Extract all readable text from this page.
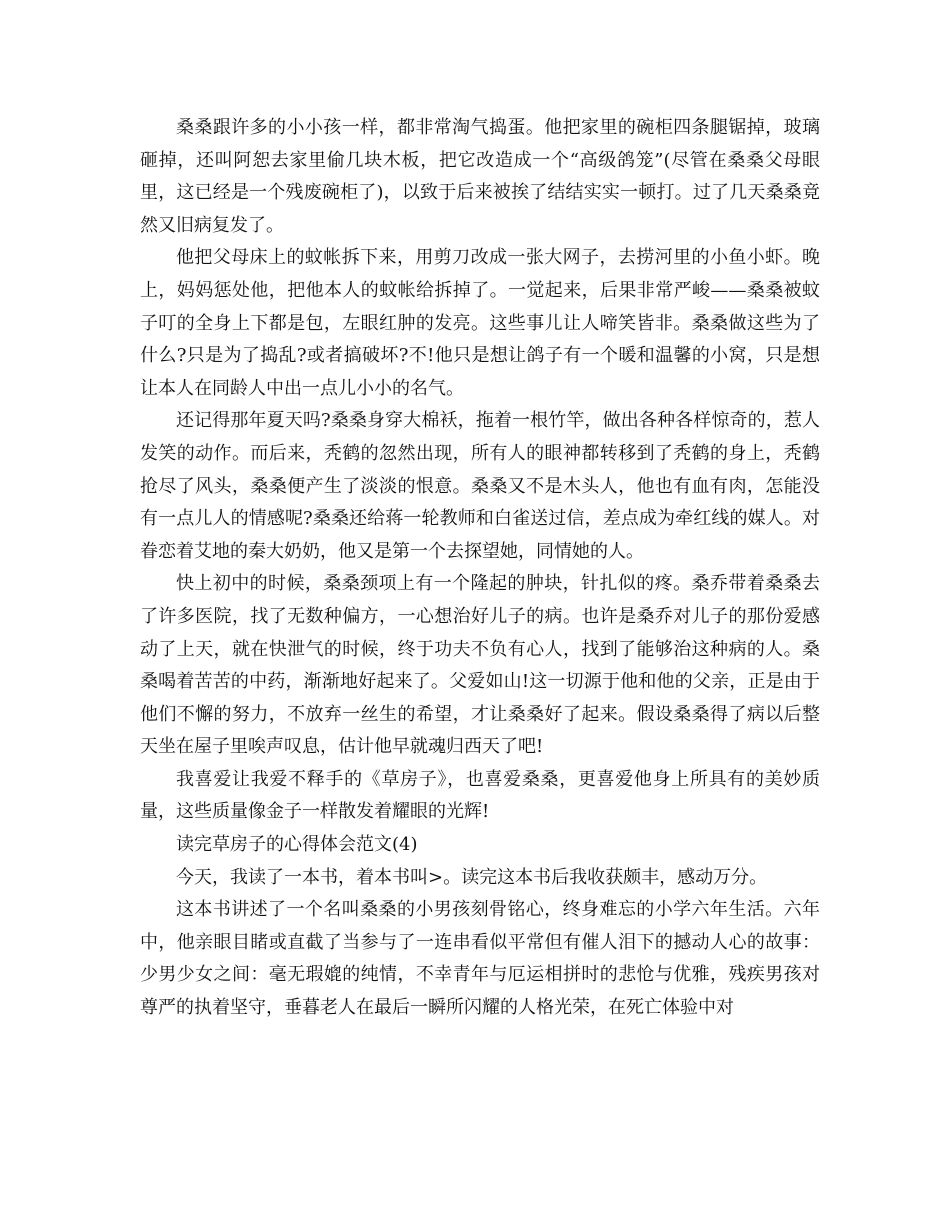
桑桑跟许多的小小孩一样，都非常淘气捣蛋。他把家里的碗柜四条腿锯掉，玻璃砸掉，还叫阿恕去家里偷几块木板，把它改造成一个“高级鸽笼”(尽管在桑桑父母眼里，这已经是一个残废碗柜了)，以致于后来被挨了结结实实一顿打。过了几天桑桑竟然又旧病复发了。

他把父母床上的蚊帐拆下来，用剪刀改成一张大网子，去捞河里的小鱼小虾。晚上，妈妈惩处他，把他本人的蚊帐给拆掉了。一觉起来，后果非常严峻——桑桑被蚊子叮的全身上下都是包，左眼红肿的发亮。这些事儿让人啼笑皆非。桑桑做这些为了什么?只是为了捣乱?或者搞破坏?不!他只是想让鸽子有一个暖和温馨的小窝，只是想让本人在同龄人中出一点儿小小的名气。

还记得那年夏天吗?桑桑身穿大棉袄，拖着一根竹竿，做出各种各样惊奇的，惹人发笑的动作。而后来，秃鹤的忽然出现，所有人的眼神都转移到了秃鹤的身上，秃鹤抢尽了风头，桑桑便产生了淡淡的恨意。桑桑又不是木头人，他也有血有肉，怎能没有一点儿人的情感呢?桑桑还给蒋一轮教师和白雀送过信，差点成为牵红线的媒人。对眷恋着艾地的秦大奶奶，他又是第一个去探望她，同情她的人。

快上初中的时候，桑桑颈项上有一个隆起的肿块，针扎似的疼。桑乔带着桑桑去了许多医院，找了无数种偏方，一心想治好儿子的病。也许是桑乔对儿子的那份爱感动了上天，就在快泄气的时候，终于功夫不负有心人，找到了能够治这种病的人。桑桑喝着苦苦的中药，渐渐地好起来了。父爱如山!这一切源于他和他的父亲，正是由于他们不懈的努力，不放弃一丝生的希望，才让桑桑好了起来。假设桑桑得了病以后整天坐在屋子里唉声叹息，估计他早就魂归西天了吧!

我喜爱让我爱不释手的《草房子》，也喜爱桑桑，更喜爱他身上所具有的美妙质量，这些质量像金子一样散发着耀眼的光辉!

读完草房子的心得体会范文(4)

今天，我读了一本书，着本书叫>。读完这本书后我收获颇丰，感动万分。

这本书讲述了一个名叫桑桑的小男孩刻骨铭心，终身难忘的小学六年生活。六年中，他亲眼目睹或直截了当参与了一连串看似平常但有催人泪下的撼动人心的故事：少男少女之间：毫无瑕媲的纯情，不幸青年与厄运相拼时的悲怆与优雅，残疾男孩对尊严的执着坚守，垂暮老人在最后一瞬所闪耀的人格光荣，在死亡体验中对
